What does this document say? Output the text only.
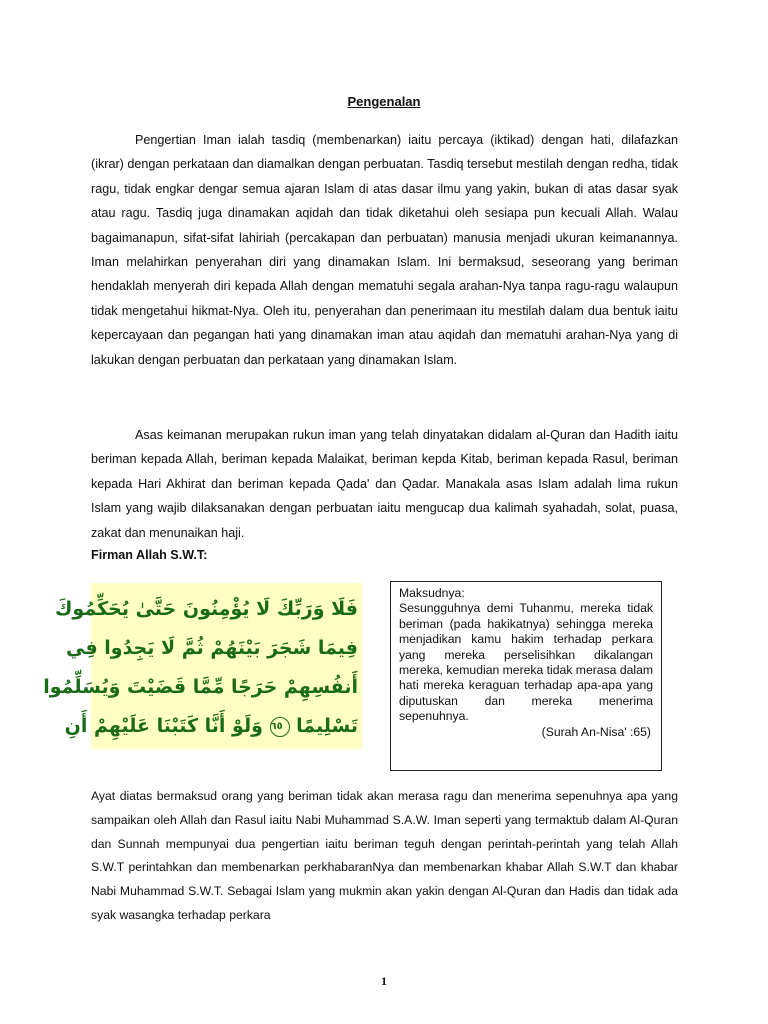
Pengenalan

Pengertian Iman ialah tasdiq (membenarkan) iaitu percaya (iktikad) dengan hati, dilafazkan (ikrar) dengan perkataan dan diamalkan dengan perbuatan. Tasdiq tersebut mestilah dengan redha, tidak ragu, tidak engkar dengar semua ajaran Islam di atas dasar ilmu yang yakin, bukan di atas dasar syak atau ragu. Tasdiq juga dinamakan aqidah dan tidak diketahui oleh sesiapa pun kecuali Allah. Walau bagaimanapun, sifat-sifat lahiriah (percakapan dan perbuatan) manusia menjadi ukuran keimanannya. Iman melahirkan penyerahan diri yang dinamakan Islam. Ini bermaksud, seseorang yang beriman hendaklah menyerah diri kepada Allah dengan mematuhi segala arahan-Nya tanpa ragu-ragu walaupun tidak mengetahui hikmat-Nya. Oleh itu, penyerahan dan penerimaan itu mestilah dalam dua bentuk iaitu kepercayaan dan pegangan hati yang dinamakan iman atau aqidah dan mematuhi arahan-Nya yang di lakukan dengan perbuatan dan perkataan yang dinamakan Islam.

Asas keimanan merupakan rukun iman yang telah dinyatakan didalam al-Quran dan Hadith iaitu beriman kepada Allah, beriman kepada Malaikat, beriman kepda Kitab, beriman kepada Rasul, beriman kepada Hari Akhirat dan beriman kepada Qada' dan Qadar. Manakala asas Islam adalah lima rukun Islam yang wajib dilaksanakan dengan perbuatan iaitu mengucap dua kalimah syahadah, solat, puasa, zakat dan menunaikan haji.

Firman Allah S.W.T:
فَلَا وَرَبِّكَ لَا يُؤْمِنُونَ حَتَّىٰ يُحَكِّمُوكَ
فِيمَا شَجَرَ بَيْنَهُمْ ثُمَّ لَا يَجِدُوا فِي
أَنفُسِهِمْ حَرَجًا مِّمَّا قَضَيْتَ وَيُسَلِّمُوا
تَسْلِيمًا ٦٥ وَلَوْ أَنَّا كَتَبْنَا عَلَيْهِمْ أَنِ
Maksudnya:
Sesungguhnya demi Tuhanmu, mereka tidak beriman (pada hakikatnya) sehingga mereka menjadikan kamu hakim terhadap perkara yang mereka perselisihkan dikalangan mereka, kemudian mereka tidak merasa dalam hati mereka keraguan terhadap apa-apa yang diputuskan dan mereka menerima sepenuhnya.
(Surah An-Nisa' :65)

Ayat diatas bermaksud orang yang beriman tidak akan merasa ragu dan menerima sepenuhnya apa yang sampaikan oleh Allah dan Rasul iaitu Nabi Muhammad S.A.W. Iman seperti yang termaktub dalam Al-Quran dan Sunnah mempunyai dua pengertian iaitu beriman teguh dengan perintah-perintah yang telah Allah S.W.T perintahkan dan membenarkan perkhabaranNya dan membenarkan khabar Allah S.W.T dan khabar Nabi Muhammad S.W.T. Sebagai Islam yang mukmin akan yakin dengan Al-Quran dan Hadis dan tidak ada syak wasangka terhadap perkara

1
